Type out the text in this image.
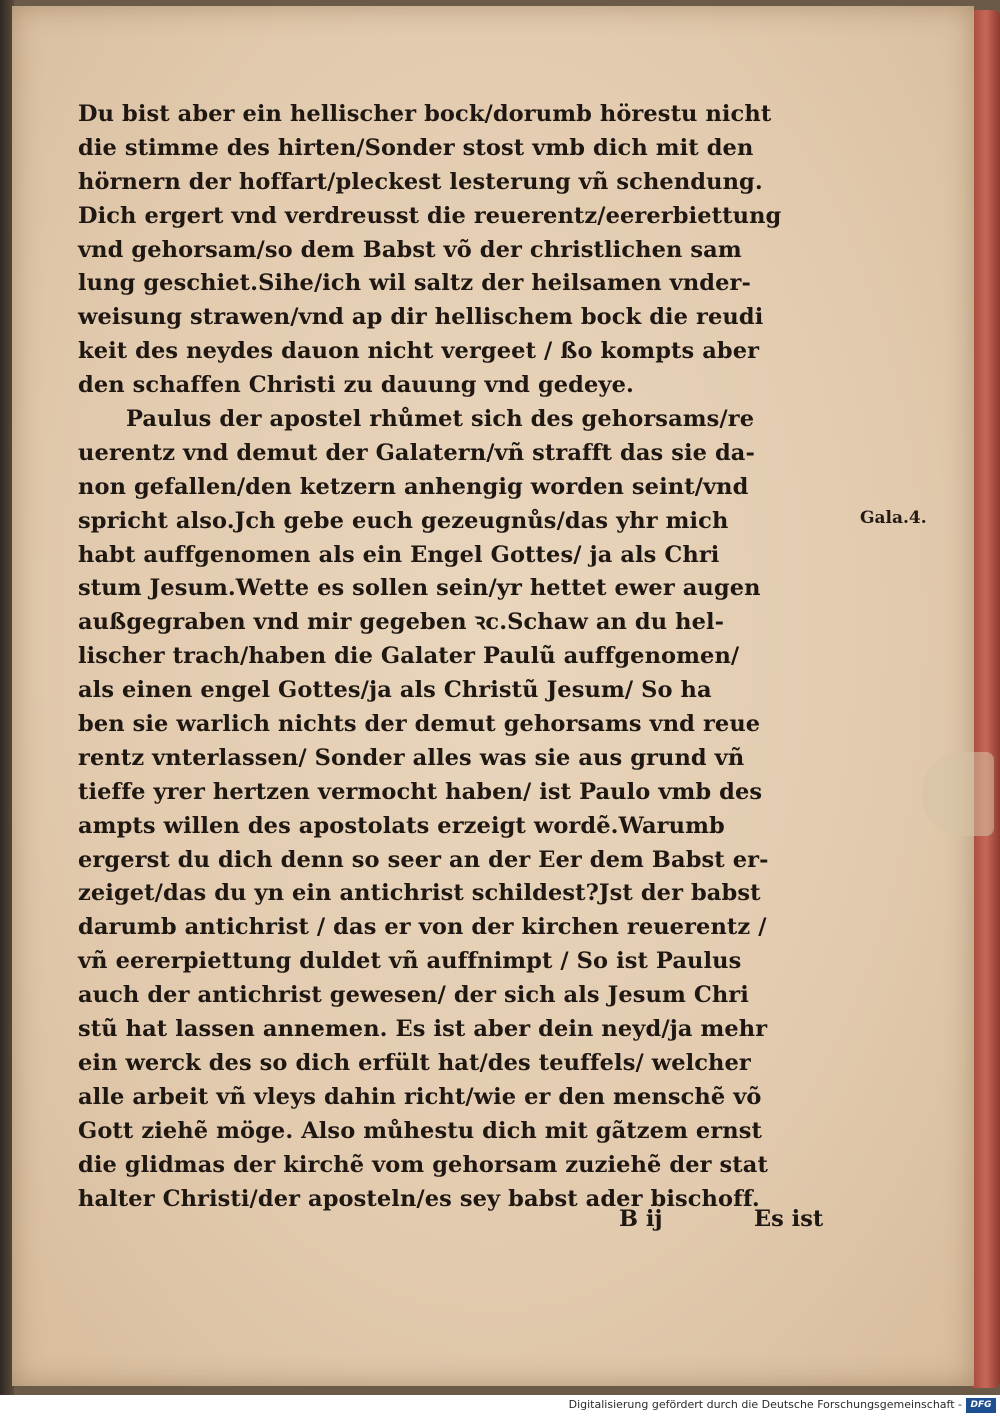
Du bist aber ein hellischer bock/dorumb hörestu nicht
die stimme des hirten/Sonder stost vmb dich mit den
hörnern der hoffart/pleckest lesterung vñ schendung.
Dich ergert vnd verdreusst die reuerentz/eererbiettung
vnd gehorsam/so dem Babst võ der christlichen sam
lung geschiet.Sihe/ich wil saltz der heilsamen vnder-
weisung strawen/vnd ap dir hellischem bock die reudi
keit des neydes dauon nicht vergeet / ßo kompts aber
den schaffen Christi zu dauung vnd gedeye.
Paulus der apostel rhůmet sich des gehorsams/re
uerentz vnd demut der Galatern/vñ strafft das sie da-
non gefallen/den ketzern anhengig worden seint/vnd
spricht also.Jch gebe euch gezeugnůs/das yhr mich
habt auffgenomen als ein Engel Gottes/ ja als Chri
stum Jesum.Wette es sollen sein/yr hettet ewer augen
außgegraben vnd mir gegeben ꝛc.Schaw an du hel-
lischer trach/haben die Galater Paulũ auffgenomen/
als einen engel Gottes/ja als Christũ Jesum/ So ha
ben sie warlich nichts der demut gehorsams vnd reue
rentz vnterlassen/ Sonder alles was sie aus grund vñ
tieffe yrer hertzen vermocht haben/ ist Paulo vmb des
ampts willen des apostolats erzeigt wordẽ.Warumb
ergerst du dich denn so seer an der Eer dem Babst er-
zeiget/das du yn ein antichrist schildest?Jst der babst
darumb antichrist / das er von der kirchen reuerentz /
vñ eererpiettung duldet vñ auffnimpt / So ist Paulus
auch der antichrist gewesen/ der sich als Jesum Chri
stũ hat lassen annemen. Es ist aber dein neyd/ja mehr
ein werck des so dich erfült hat/des teuffels/ welcher
alle arbeit vñ vleys dahin richt/wie er den menschẽ võ
Gott ziehẽ möge. Also můhestu dich mit gãtzem ernst
die glidmas der kirchẽ vom gehorsam zuziehẽ der stat
halter Christi/der aposteln/es sey babst ader bischoff.
Gala.4.
B ij	Es ist
Digitalisierung gefördert durch die Deutsche Forschungsgemeinschaft - DFG
